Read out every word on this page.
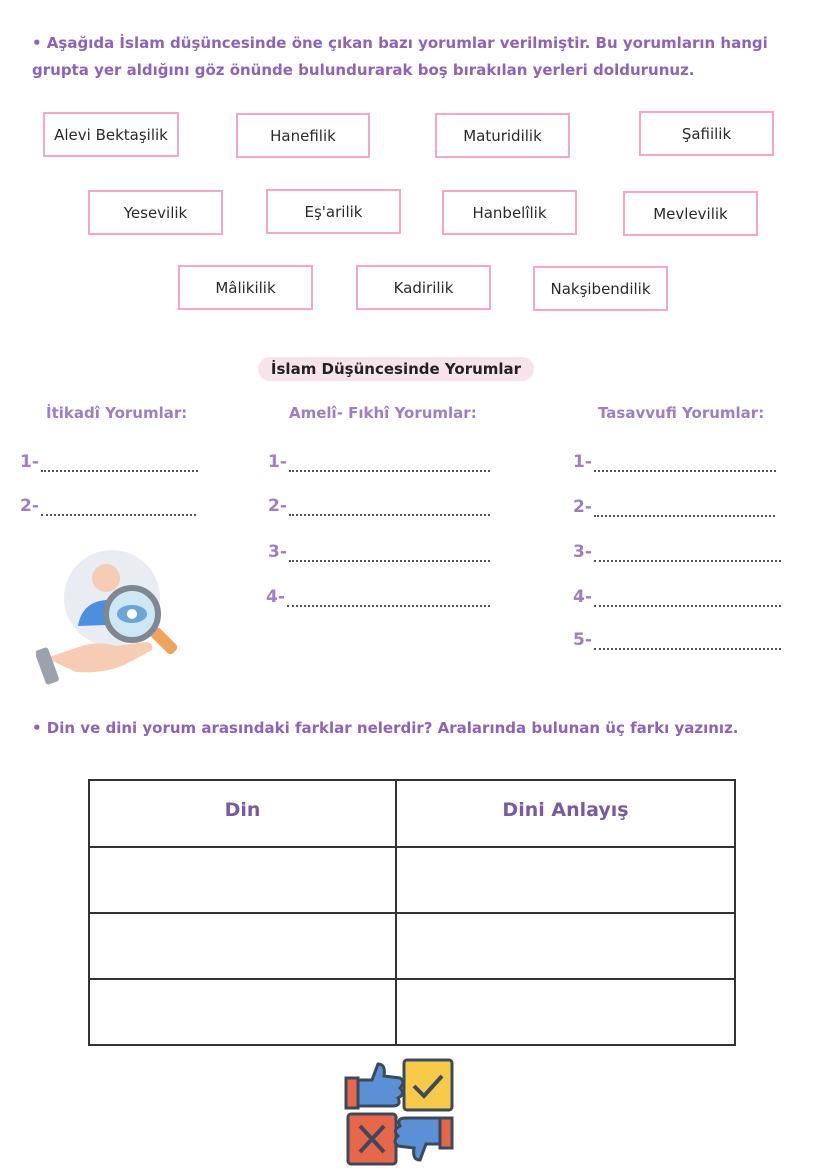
• Aşağıda İslam düşüncesinde öne çıkan bazı yorumlar verilmiştir. Bu yorumların hangi grupta yer aldığını göz önünde bulundurarak boş bırakılan yerleri doldurunuz.
Alevi Bektaşilik	Hanefilik	Maturidilik	Şafiilik
Yesevilik	Eş'arilik	Hanbelîlik	Mevlevilik
Mâlikilik	Kadirilik	Nakşibendilik
İslam Düşüncesinde Yorumlar
İtikadî Yorumlar:	Amelî- Fıkhî Yorumlar:	Tasavvufi Yorumlar:
1-
2-
1-
2-
3-
4-
1-
2-
3-
4-
5-
• Din ve dini yorum arasındaki farklar nelerdir? Aralarında bulunan üç farkı yazınız.
Din	Dini Anlayış
